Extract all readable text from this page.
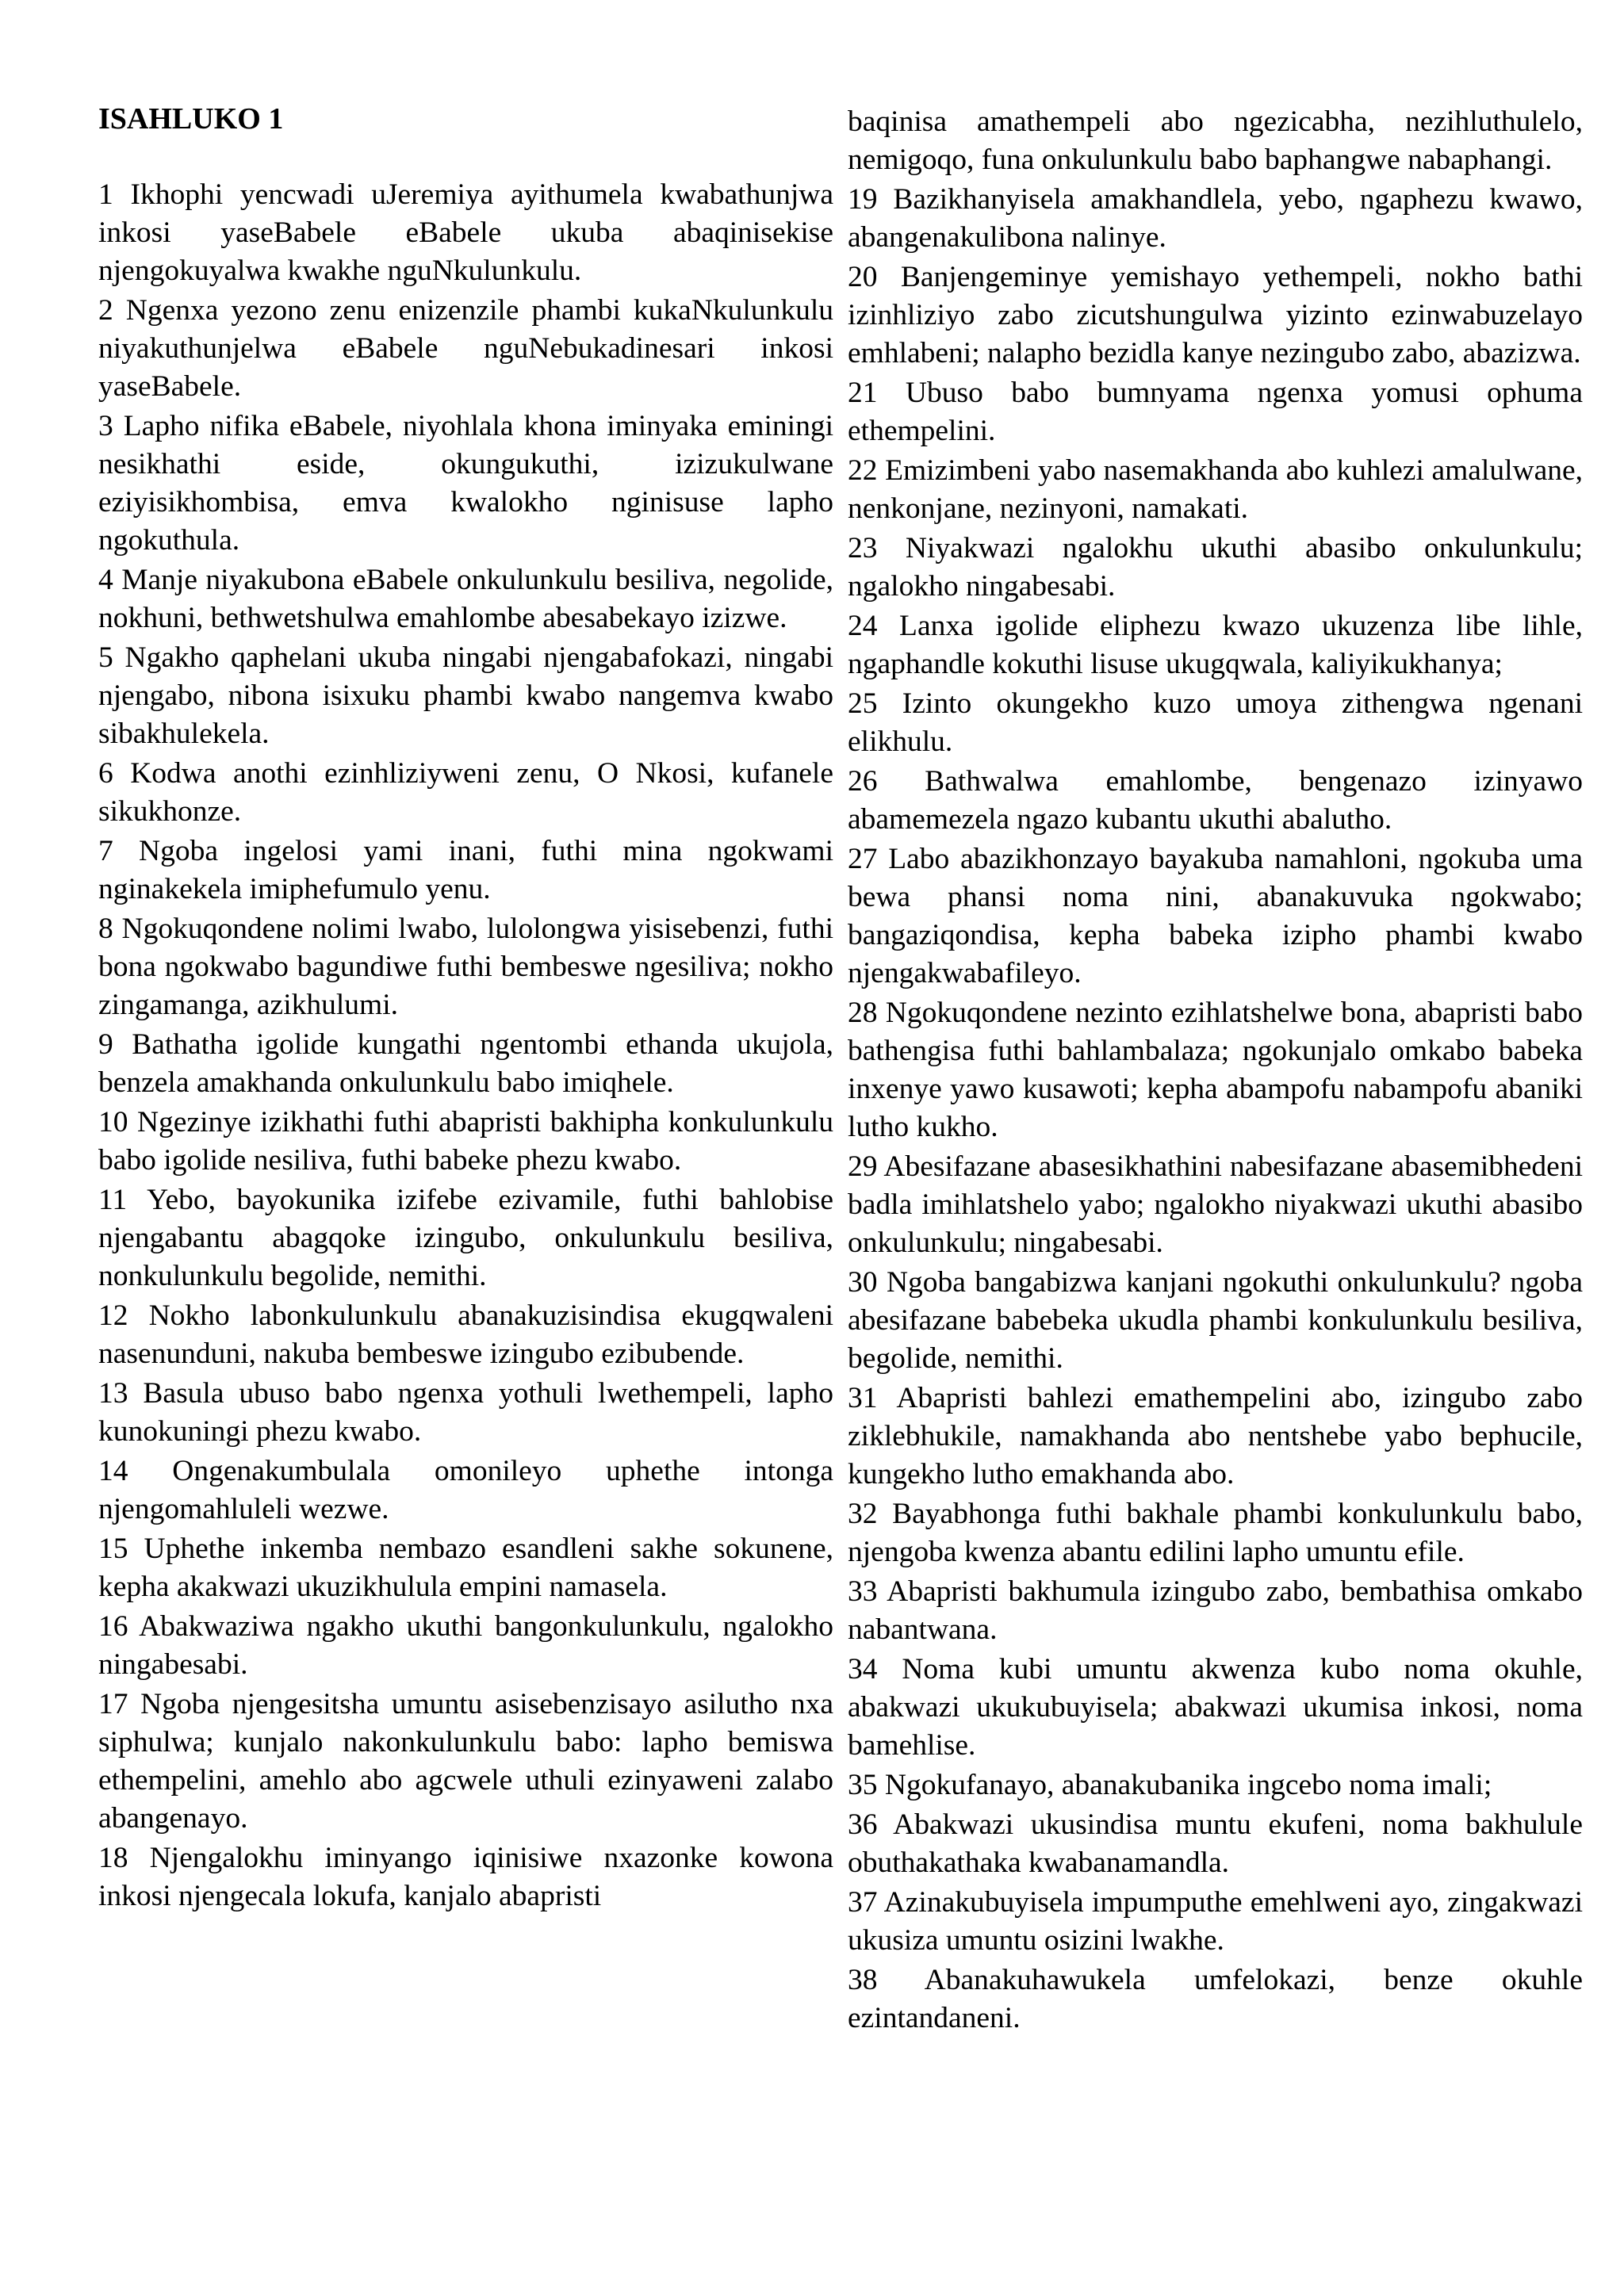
ISAHLUKO 1

1 Ikhophi yencwadi uJeremiya ayithumela kwabathunjwa inkosi yaseBabele eBabele ukuba abaqinisekise njengokuyalwa kwakhe nguNkulunkulu.

2 Ngenxa yezono zenu enizenzile phambi kukaNkulunkulu niyakuthunjelwa eBabele nguNebukadinesari inkosi yaseBabele.

3 Lapho nifika eBabele, niyohlala khona iminyaka eminingi nesikhathi eside, okungukuthi, izizukulwane eziyisikhombisa, emva kwalokho nginisuse lapho ngokuthula.

4 Manje niyakubona eBabele onkulunkulu besiliva, negolide, nokhuni, bethwetshulwa emahlombe abesabekayo izizwe.

5 Ngakho qaphelani ukuba ningabi njengabafokazi, ningabi njengabo, nibona isixuku phambi kwabo nangemva kwabo sibakhulekela.

6 Kodwa anothi ezinhliziyweni zenu, O Nkosi, kufanele sikukhonze.

7 Ngoba ingelosi yami inani, futhi mina ngokwami nginakekela imiphefumulo yenu.

8 Ngokuqondene nolimi lwabo, lulolongwa yisisebenzi, futhi bona ngokwabo bagundiwe futhi bembeswe ngesiliva; nokho zingamanga, azikhulumi.

9 Bathatha igolide kungathi ngentombi ethanda ukujola, benzela amakhanda onkulunkulu babo imiqhele.

10 Ngezinye izikhathi futhi abapristi bakhipha konkulunkulu babo igolide nesiliva, futhi babeke phezu kwabo.

11 Yebo, bayokunika izifebe ezivamile, futhi bahlobise njengabantu abagqoke izingubo, onkulunkulu besiliva, nonkulunkulu begolide, nemithi.

12 Nokho labonkulunkulu abanakuzisindisa ekugqwaleni nasenunduni, nakuba bembeswe izingubo ezibubende.

13 Basula ubuso babo ngenxa yothuli lwethempeli, lapho kunokuningi phezu kwabo.

14 Ongenakumbulala omonileyo uphethe intonga njengomahluleli wezwe.

15 Uphethe inkemba nembazo esandleni sakhe sokunene, kepha akakwazi ukuzikhulula empini namasela.

16 Abakwaziwa ngakho ukuthi bangonkulunkulu, ngalokho ningabesabi.

17 Ngoba njengesitsha umuntu asisebenzisayo asilutho nxa siphulwa; kunjalo nakonkulunkulu babo: lapho bemiswa ethempelini, amehlo abo agcwele uthuli ezinyaweni zalabo abangenayo.

18 Njengalokhu iminyango iqinisiwe nxazonke kowona inkosi njengecala lokufa, kanjalo abapristi

baqinisa amathempeli abo ngezicabha, nezihluthulelo, nemigoqo, funa onkulunkulu babo baphangwe nabaphangi.

19 Bazikhanyisela amakhandlela, yebo, ngaphezu kwawo, abangenakulibona nalinye.

20 Banjengeminye yemishayo yethempeli, nokho bathi izinhliziyo zabo zicutshungulwa yizinto ezinwabuzelayo emhlabeni; nalapho bezidla kanye nezingubo zabo, abazizwa.

21 Ubuso babo bumnyama ngenxa yomusi ophuma ethempelini.

22 Emizimbeni yabo nasemakhanda abo kuhlezi amalulwane, nenkonjane, nezinyoni, namakati.

23 Niyakwazi ngalokhu ukuthi abasibo onkulunkulu; ngalokho ningabesabi.

24 Lanxa igolide eliphezu kwazo ukuzenza libe lihle, ngaphandle kokuthi lisuse ukugqwala, kaliyikukhanya;

25 Izinto okungekho kuzo umoya zithengwa ngenani elikhulu.

26 Bathwalwa emahlombe, bengenazo izinyawo abamemezela ngazo kubantu ukuthi abalutho.

27 Labo abazikhonzayo bayakuba namahloni, ngokuba uma bewa phansi noma nini, abanakuvuka ngokwabo; bangaziqondisa, kepha babeka izipho phambi kwabo njengakwabafileyo.

28 Ngokuqondene nezinto ezihlatshelwe bona, abapristi babo bathengisa futhi bahlambalaza; ngokunjalo omkabo babeka inxenye yawo kusawoti; kepha abampofu nabampofu abaniki lutho kukho.

29 Abesifazane abasesikhathini nabesifazane abasemibhedeni badla imihlatshelo yabo; ngalokho niyakwazi ukuthi abasibo onkulunkulu; ningabesabi.

30 Ngoba bangabizwa kanjani ngokuthi onkulunkulu? ngoba abesifazane babebeka ukudla phambi konkulunkulu besiliva, begolide, nemithi.

31 Abapristi bahlezi emathempelini abo, izingubo zabo ziklebhukile, namakhanda abo nentshebe yabo bephucile, kungekho lutho emakhanda abo.

32 Bayabhonga futhi bakhale phambi konkulunkulu babo, njengoba kwenza abantu edilini lapho umuntu efile.

33 Abapristi bakhumula izingubo zabo, bembathisa omkabo nabantwana.

34 Noma kubi umuntu akwenza kubo noma okuhle, abakwazi ukukubuyisela; abakwazi ukumisa inkosi, noma bamehlise.

35 Ngokufanayo, abanakubanika ingcebo noma imali;

36 Abakwazi ukusindisa muntu ekufeni, noma bakhulule obuthakathaka kwabanamandla.

37 Azinakubuyisela impumputhe emehlweni ayo, zingakwazi ukusiza umuntu osizini lwakhe.

38 Abanakuhawukela umfelokazi, benze okuhle ezintandaneni.
